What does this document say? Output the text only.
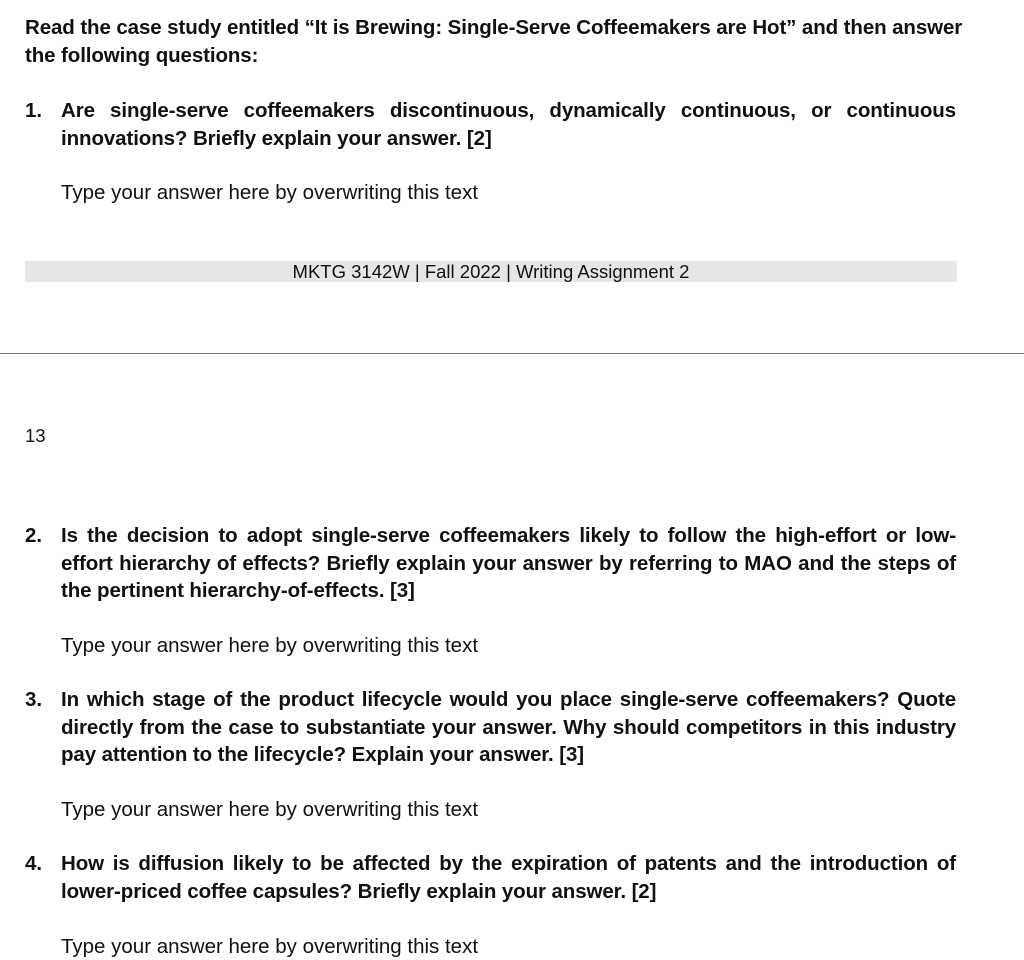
Read the case study entitled “It is Brewing: Single-Serve Coffeemakers are Hot” and then answer the following questions:
1. Are single-serve coffeemakers discontinuous, dynamically continuous, or continuous innovations? Briefly explain your answer. [2]
Type your answer here by overwriting this text
MKTG 3142W | Fall 2022 | Writing Assignment 2
13
2. Is the decision to adopt single-serve coffeemakers likely to follow the high-effort or low-effort hierarchy of effects? Briefly explain your answer by referring to MAO and the steps of the pertinent hierarchy-of-effects. [3]
Type your answer here by overwriting this text
3. In which stage of the product lifecycle would you place single-serve coffeemakers? Quote directly from the case to substantiate your answer. Why should competitors in this industry pay attention to the lifecycle? Explain your answer. [3]
Type your answer here by overwriting this text
4. How is diffusion likely to be affected by the expiration of patents and the introduction of lower-priced coffee capsules? Briefly explain your answer. [2]
Type your answer here by overwriting this text
